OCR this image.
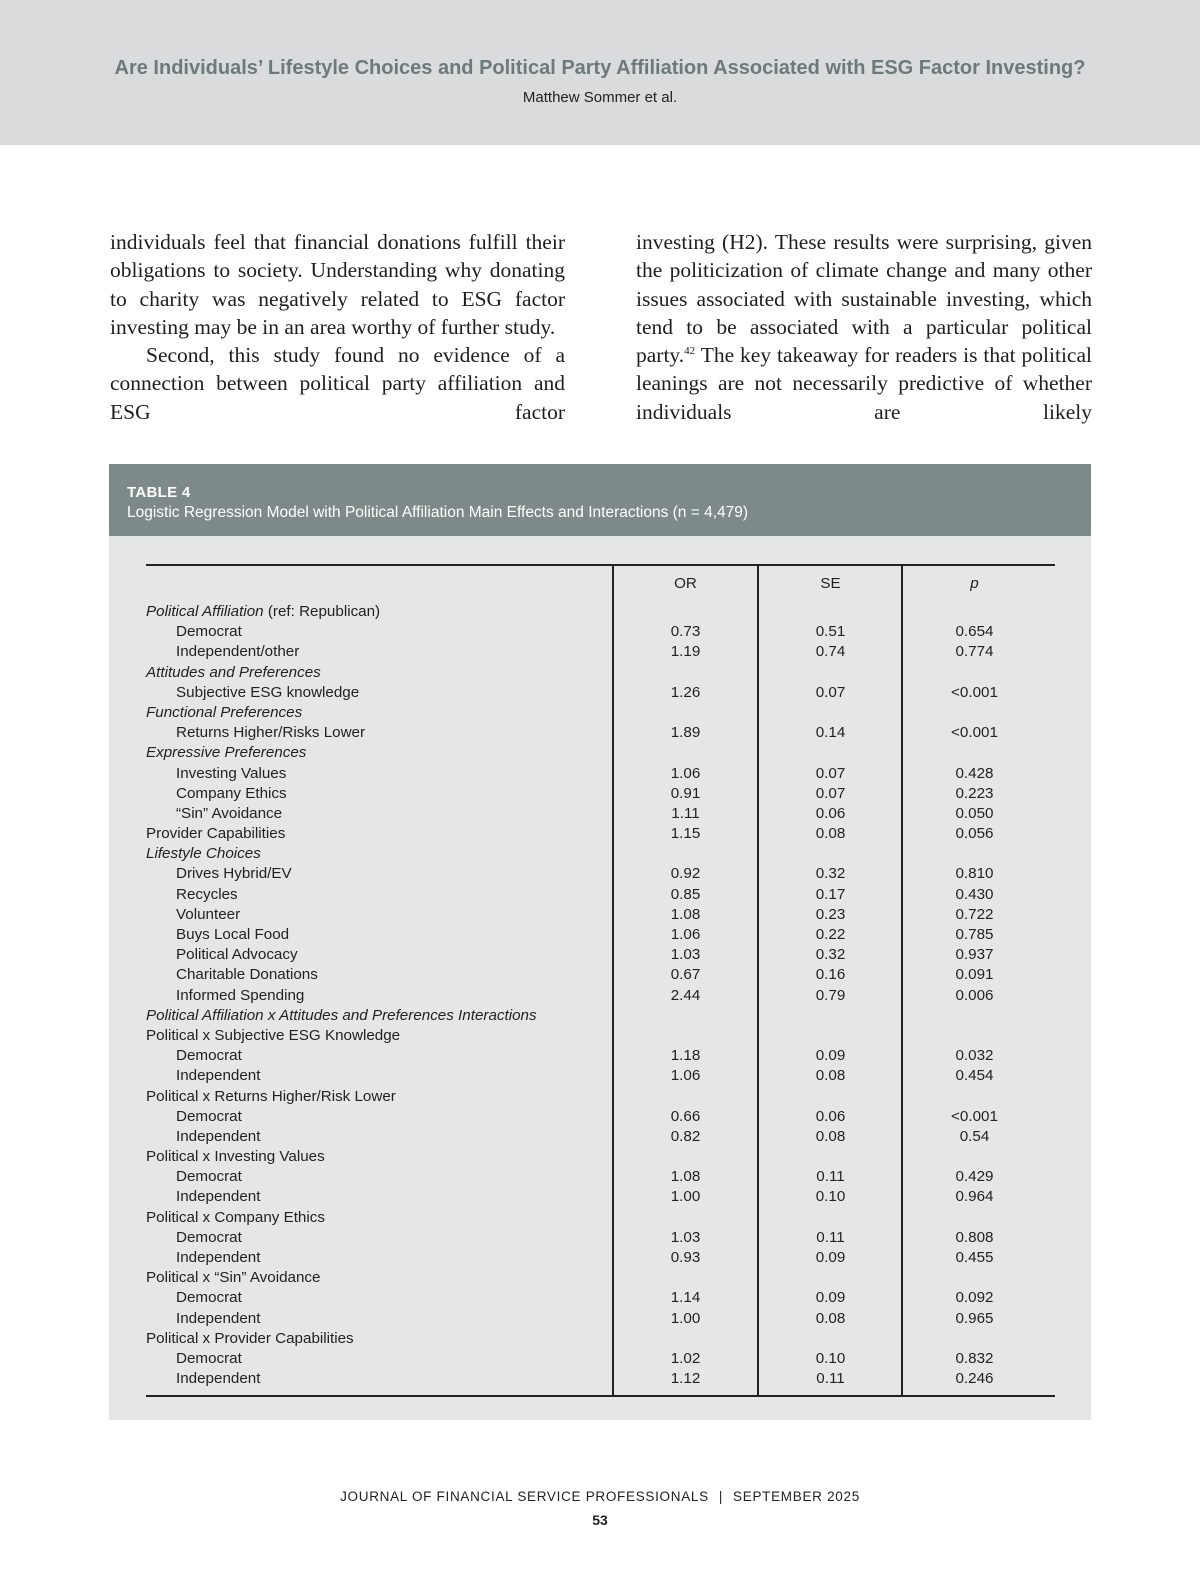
Are Individuals’ Lifestyle Choices and Political Party Affiliation Associated with ESG Factor Investing?
Matthew Sommer et al.

individuals feel that financial donations fulfill their obligations to society. Understanding why donating to charity was negatively related to ESG factor investing may be in an area worthy of further study.

Second, this study found no evidence of a connection between political party affiliation and ESG factor

investing (H2). These results were surprising, given the politicization of climate change and many other issues associated with sustainable investing, which tend to be associated with a particular political party.$^{42}$ The key takeaway for readers is that political leanings are not necessarily predictive of whether individuals are likely

TABLE 4
Logistic Regression Model with Political Affiliation Main Effects and Interactions (n = 4,479)
OR	SE	p
Political Affiliation (ref: Republican)
Democrat	0.73	0.51	0.654
Independent/other	1.19	0.74	0.774
Attitudes and Preferences
Subjective ESG knowledge	1.26	0.07	<0.001
Functional Preferences
Returns Higher/Risks Lower	1.89	0.14	<0.001
Expressive Preferences
Investing Values	1.06	0.07	0.428
Company Ethics	0.91	0.07	0.223
“Sin” Avoidance	1.11	0.06	0.050
Provider Capabilities	1.15	0.08	0.056
Lifestyle Choices
Drives Hybrid/EV	0.92	0.32	0.810
Recycles	0.85	0.17	0.430
Volunteer	1.08	0.23	0.722
Buys Local Food	1.06	0.22	0.785
Political Advocacy	1.03	0.32	0.937
Charitable Donations	0.67	0.16	0.091
Informed Spending	2.44	0.79	0.006
Political Affiliation x Attitudes and Preferences Interactions
Political x Subjective ESG Knowledge
Democrat	1.18	0.09	0.032
Independent	1.06	0.08	0.454
Political x Returns Higher/Risk Lower
Democrat	0.66	0.06	<0.001
Independent	0.82	0.08	0.54
Political x Investing Values
Democrat	1.08	0.11	0.429
Independent	1.00	0.10	0.964
Political x Company Ethics
Democrat	1.03	0.11	0.808
Independent	0.93	0.09	0.455
Political x “Sin” Avoidance
Democrat	1.14	0.09	0.092
Independent	1.00	0.08	0.965
Political x Provider Capabilities
Democrat	1.02	0.10	0.832
Independent	1.12	0.11	0.246
JOURNAL OF FINANCIAL SERVICE PROFESSIONALS | SEPTEMBER 2025
53
